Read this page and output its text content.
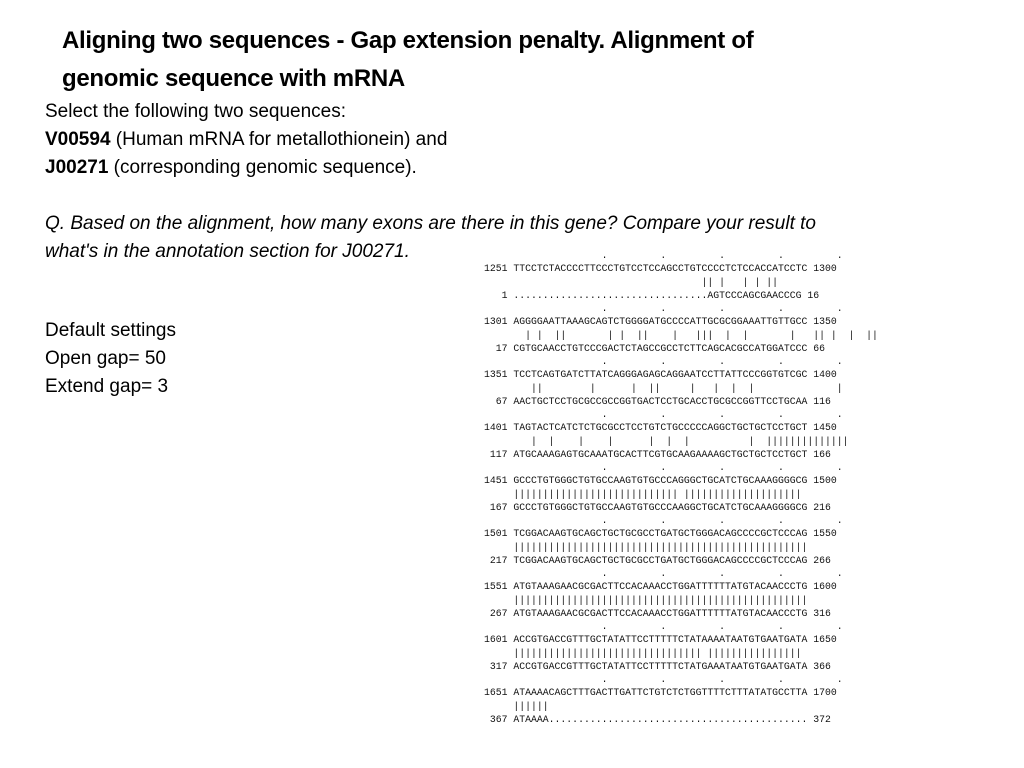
Aligning two sequences - Gap extension penalty. Alignment of
genomic sequence with mRNA

Select the following two sequences:

V00594 (Human mRNA for metallothionein) and

J00271 (corresponding genomic sequence).

Q. Based on the alignment, how many exons are there in this gene? Compare your result to

what's in the annotation section for J00271.

Default settings

Open gap= 50

Extend gap= 3

.         .         .         .         .
1251 TTCCTCTACCCCTTCCCTGTCCTCCAGCCTGTCCCCTCTCCACCATCCTC 1300
|| |   | | ||
1 .................................AGTCCCAGCGAACCCG 16
.         .         .         .         .
1301 AGGGGAATTAAAGCAGTCTGGGGATGCCCCATTGCGCGGAAATTGTTGCC 1350
| |  ||       | |  ||    |   |||  |  |       |   || |  |  ||
17 CGTGCAACCTGTCCCGACTCTAGCCGCCTCTTCAGCACGCCATGGATCCC 66
.         .         .         .         .
1351 TCCTCAGTGATCTTATCAGGGAGAGCAGGAATCCTTATTCCCGGTGTCGC 1400
||        |      |  ||     |   |  |  |              |
67 AACTGCTCCTGCGCCGCCGGTGACTCCTGCACCTGCGCCGGTTCCTGCAA 116
.         .         .         .         .
1401 TAGTACTCATCTCTGCGCCTCCTGTCTGCCCCCAGGCTGCTGCTCCTGCT 1450
|  |    |    |      |  |  |          |  ||||||||||||||
117 ATGCAAAGAGTGCAAATGCACTTCGTGCAAGAAAAGCTGCTGCTCCTGCT 166
.         .         .         .         .
1451 GCCCTGTGGGCTGTGCCAAGTGTGCCCAGGGCTGCATCTGCAAAGGGGCG 1500
|||||||||||||||||||||||||||| ||||||||||||||||||||
167 GCCCTGTGGGCTGTGCCAAGTGTGCCCAAGGCTGCATCTGCAAAGGGGCG 216
.         .         .         .         .
1501 TCGGACAAGTGCAGCTGCTGCGCCTGATGCTGGGACAGCCCCGCTCCCAG 1550
||||||||||||||||||||||||||||||||||||||||||||||||||
217 TCGGACAAGTGCAGCTGCTGCGCCTGATGCTGGGACAGCCCCGCTCCCAG 266
.         .         .         .         .
1551 ATGTAAAGAACGCGACTTCCACAAACCTGGATTTTTTATGTACAACCCTG 1600
||||||||||||||||||||||||||||||||||||||||||||||||||
267 ATGTAAAGAACGCGACTTCCACAAACCTGGATTTTTTATGTACAACCCTG 316
.         .         .         .         .
1601 ACCGTGACCGTTTGCTATATTCCTTTTTCTATAAAATAATGTGAATGATA 1650
|||||||||||||||||||||||||||||||| ||||||||||||||||
317 ACCGTGACCGTTTGCTATATTCCTTTTTCTATGAAATAATGTGAATGATA 366
.         .         .         .         .
1651 ATAAAACAGCTTTGACTTGATTCTGTCTCTGGTTTTCTTTATATGCCTTA 1700
||||||
367 ATAAAA............................................ 372
